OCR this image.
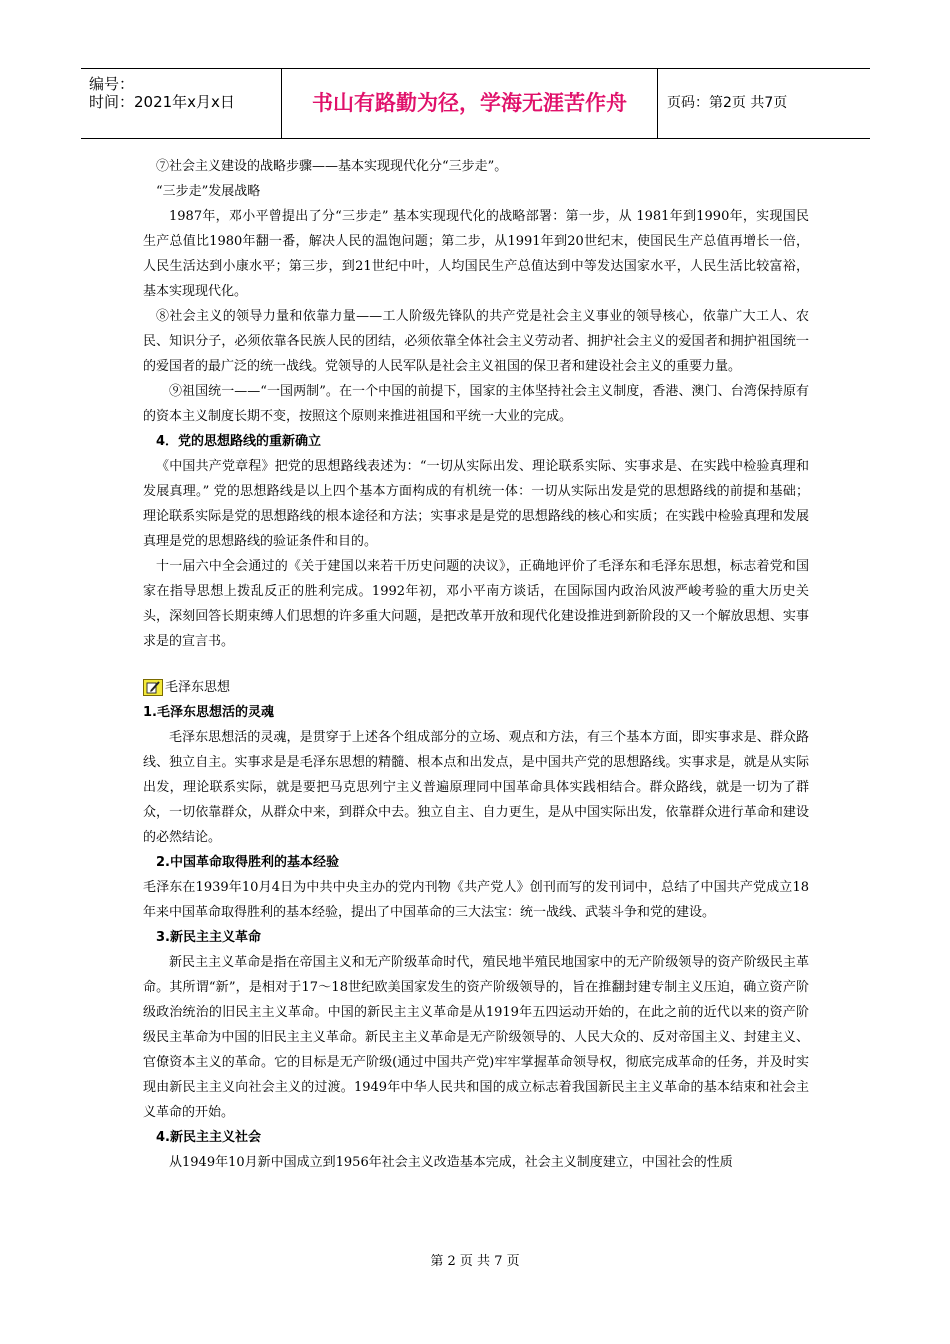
编号：
时间：2021年x月x日	书山有路勤为径，学海无涯苦作舟	页码：第2页 共7页

⑦社会主义建设的战略步骤——基本实现现代化分“三步走”。

“三步走”发展战略

1987年，邓小平曾提出了分“三步走” 基本实现现代化的战略部署：第一步，从 1981年到1990年，实现国民生产总值比1980年翻一番，解决人民的温饱问题；第二步，从1991年到20世纪末，使国民生产总值再增长一倍，人民生活达到小康水平；第三步，到21世纪中叶，人均国民生产总值达到中等发达国家水平，人民生活比较富裕，基本实现现代化。

⑧社会主义的领导力量和依靠力量——工人阶级先锋队的共产党是社会主义事业的领导核心，依靠广大工人、农民、知识分子，必须依靠各民族人民的团结，必须依靠全体社会主义劳动者、拥护社会主义的爱国者和拥护祖国统一的爱国者的最广泛的统一战线。党领导的人民军队是社会主义祖国的保卫者和建设社会主义的重要力量。

⑨祖国统一——“一国两制”。在一个中国的前提下，国家的主体坚持社会主义制度，香港、澳门、台湾保持原有的资本主义制度长期不变，按照这个原则来推进祖国和平统一大业的完成。

4．党的思想路线的重新确立

《中国共产党章程》把党的思想路线表述为：“一切从实际出发、理论联系实际、实事求是、在实践中检验真理和发展真理。” 党的思想路线是以上四个基本方面构成的有机统一体：一切从实际出发是党的思想路线的前提和基础；理论联系实际是党的思想路线的根本途径和方法；实事求是是党的思想路线的核心和实质；在实践中检验真理和发展真理是党的思想路线的验证条件和目的。

十一届六中全会通过的《关于建国以来若干历史问题的决议》，正确地评价了毛泽东和毛泽东思想，标志着党和国家在指导思想上拨乱反正的胜利完成。1992年初，邓小平南方谈话，在国际国内政治风波严峻考验的重大历史关头，深刻回答长期束缚人们思想的许多重大问题，是把改革开放和现代化建设推进到新阶段的又一个解放思想、实事求是的宣言书。

毛泽东思想

1.毛泽东思想活的灵魂

毛泽东思想活的灵魂，是贯穿于上述各个组成部分的立场、观点和方法，有三个基本方面，即实事求是、群众路线、独立自主。实事求是是毛泽东思想的精髓、根本点和出发点，是中国共产党的思想路线。实事求是，就是从实际出发，理论联系实际，就是要把马克思列宁主义普遍原理同中国革命具体实践相结合。群众路线，就是一切为了群众，一切依靠群众，从群众中来，到群众中去。独立自主、自力更生，是从中国实际出发，依靠群众进行革命和建设的必然结论。

2.中国革命取得胜利的基本经验

毛泽东在1939年10月4日为中共中央主办的党内刊物《共产党人》创刊而写的发刊词中，总结了中国共产党成立18年来中国革命取得胜利的基本经验，提出了中国革命的三大法宝：统一战线、武装斗争和党的建设。

3.新民主主义革命

新民主主义革命是指在帝国主义和无产阶级革命时代，殖民地半殖民地国家中的无产阶级领导的资产阶级民主革命。其所谓“新”，是相对于17～18世纪欧美国家发生的资产阶级领导的，旨在推翻封建专制主义压迫，确立资产阶级政治统治的旧民主主义革命。中国的新民主主义革命是从1919年五四运动开始的，在此之前的近代以来的资产阶级民主革命为中国的旧民主主义革命。新民主主义革命是无产阶级领导的、人民大众的、反对帝国主义、封建主义、官僚资本主义的革命。它的目标是无产阶级(通过中国共产党)牢牢掌握革命领导权，彻底完成革命的任务，并及时实现由新民主主义向社会主义的过渡。1949年中华人民共和国的成立标志着我国新民主主义革命的基本结束和社会主义革命的开始。

4.新民主主义社会

从1949年10月新中国成立到1956年社会主义改造基本完成，社会主义制度建立，中国社会的性质

第 2 页 共 7 页
